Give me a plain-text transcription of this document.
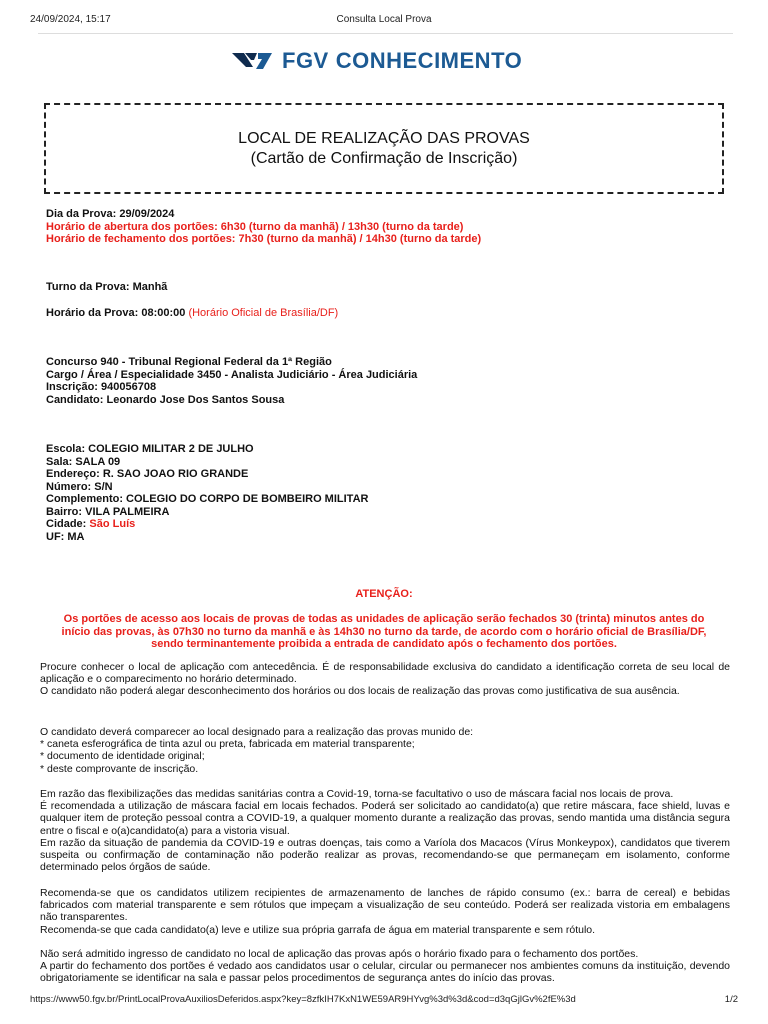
24/09/2024, 15:17	Consulta Local Prova
FGV CONHECIMENTO
LOCAL DE REALIZAÇÃO DAS PROVAS
(Cartão de Confirmação de Inscrição)
Dia da Prova: 29/09/2024
Horário de abertura dos portões: 6h30 (turno da manhã) / 13h30 (turno da tarde)
Horário de fechamento dos portões: 7h30 (turno da manhã) / 14h30 (turno da tarde)
Turno da Prova: Manhã
Horário da Prova: 08:00:00 (Horário Oficial de Brasília/DF)
Concurso 940 - Tribunal Regional Federal da 1ª Região
Cargo / Área / Especialidade 3450 - Analista Judiciário - Área Judiciária
Inscrição: 940056708
Candidato: Leonardo Jose Dos Santos Sousa
Escola: COLEGIO MILITAR 2 DE JULHO
Sala: SALA 09
Endereço: R. SAO JOAO RIO GRANDE
Número: S/N
Complemento: COLEGIO DO CORPO DE BOMBEIRO MILITAR
Bairro: VILA PALMEIRA
Cidade: São Luís
UF: MA
ATENÇÃO:
Os portões de acesso aos locais de provas de todas as unidades de aplicação serão fechados 30 (trinta) minutos antes do
início das provas, às 07h30 no turno da manhã e às 14h30 no turno da tarde, de acordo com o horário oficial de Brasília/DF,
sendo terminantemente proibida a entrada de candidato após o fechamento dos portões.

Procure conhecer o local de aplicação com antecedência. É de responsabilidade exclusiva do candidato a identificação correta de seu local de aplicação e o comparecimento no horário determinado.

O candidato não poderá alegar desconhecimento dos horários ou dos locais de realização das provas como justificativa de sua ausência.

O candidato deverá comparecer ao local designado para a realização das provas munido de:

* caneta esferográfica de tinta azul ou preta, fabricada em material transparente;

* documento de identidade original;

* deste comprovante de inscrição.

Em razão das flexibilizações das medidas sanitárias contra a Covid-19, torna-se facultativo o uso de máscara facial nos locais de prova.

É recomendada a utilização de máscara facial em locais fechados. Poderá ser solicitado ao candidato(a) que retire máscara, face shield, luvas e qualquer item de proteção pessoal contra a COVID-19, a qualquer momento durante a realização das provas, sendo mantida uma distância segura entre o fiscal e o(a)candidato(a) para a vistoria visual.

Em razão da situação de pandemia da COVID-19 e outras doenças, tais como a Varíola dos Macacos (Vírus Monkeypox), candidatos que tiverem suspeita ou confirmação de contaminação não poderão realizar as provas, recomendando-se que permaneçam em isolamento, conforme determinado pelos órgãos de saúde.

Recomenda-se que os candidatos utilizem recipientes de armazenamento de lanches de rápido consumo (ex.: barra de cereal) e bebidas fabricados com material transparente e sem rótulos que impeçam a visualização de seu conteúdo. Poderá ser realizada vistoria em embalagens não transparentes.

Recomenda-se que cada candidato(a) leve e utilize sua própria garrafa de água em material transparente e sem rótulo.

Não será admitido ingresso de candidato no local de aplicação das provas após o horário fixado para o fechamento dos portões.

A partir do fechamento dos portões é vedado aos candidatos usar o celular, circular ou permanecer nos ambientes comuns da instituição, devendo obrigatoriamente se identificar na sala e passar pelos procedimentos de segurança antes do início das provas.

https://www50.fgv.br/PrintLocalProvaAuxiliosDeferidos.aspx?key=8zfkIH7KxN1WE59AR9HYvg%3d%3d&cod=d3qGjlGv%2fE%3d	1/2
